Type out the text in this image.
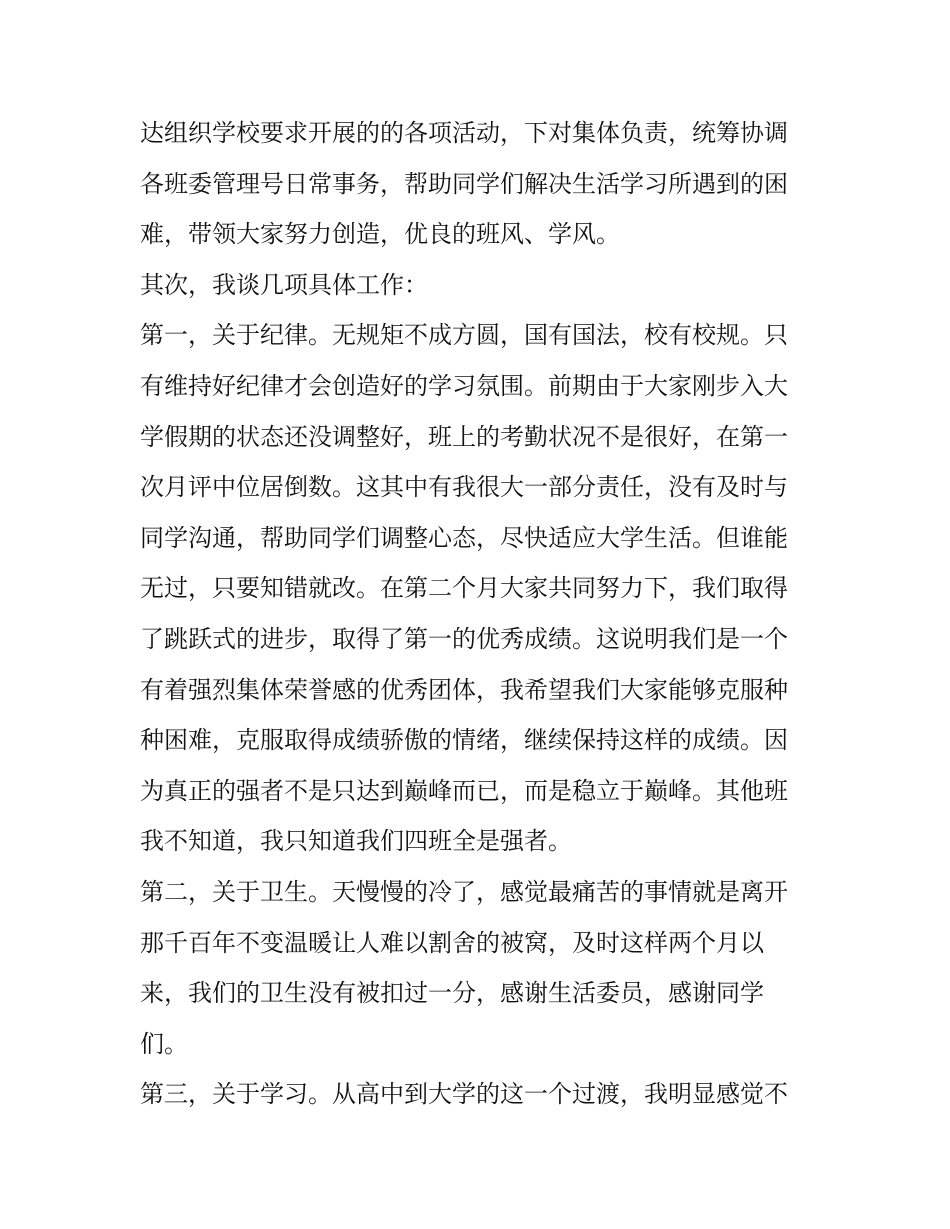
达组织学校要求开展的的各项活动，下对集体负责，统筹协调
各班委管理号日常事务，帮助同学们解决生活学习所遇到的困
难，带领大家努力创造，优良的班风、学风。
其次，我谈几项具体工作：
第一，关于纪律。无规矩不成方圆，国有国法，校有校规。只
有维持好纪律才会创造好的学习氛围。前期由于大家刚步入大
学假期的状态还没调整好，班上的考勤状况不是很好，在第一
次月评中位居倒数。这其中有我很大一部分责任，没有及时与
同学沟通，帮助同学们调整心态，尽快适应大学生活。但谁能
无过，只要知错就改。在第二个月大家共同努力下，我们取得
了跳跃式的进步，取得了第一的优秀成绩。这说明我们是一个
有着强烈集体荣誉感的优秀团体，我希望我们大家能够克服种
种困难，克服取得成绩骄傲的情绪，继续保持这样的成绩。因
为真正的强者不是只达到巅峰而已，而是稳立于巅峰。其他班
我不知道，我只知道我们四班全是强者。
第二，关于卫生。天慢慢的冷了，感觉最痛苦的事情就是离开
那千百年不变温暖让人难以割舍的被窝，及时这样两个月以
来，我们的卫生没有被扣过一分，感谢生活委员，感谢同学
们。
第三，关于学习。从高中到大学的这一个过渡，我明显感觉不
